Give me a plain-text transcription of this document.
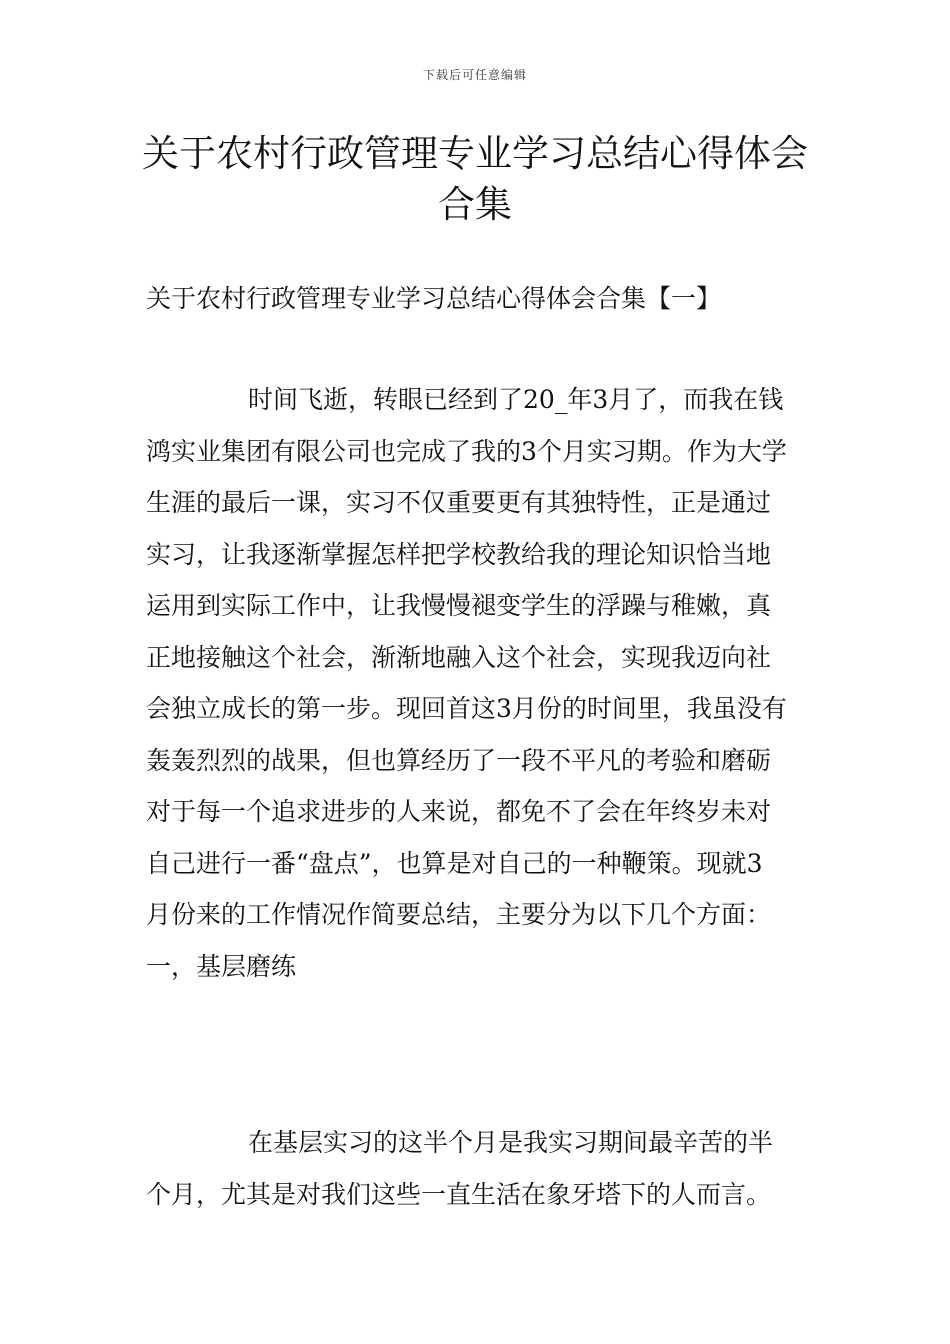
下载后可任意编辑
关于农村行政管理专业学习总结心得体会
合集
关于农村行政管理专业学习总结心得体会合集【一】
时间飞逝，转眼已经到了20_年3月了，而我在钱
鸿实业集团有限公司也完成了我的3个月实习期。作为大学
生涯的最后一课，实习不仅重要更有其独特性，正是通过
实习，让我逐渐掌握怎样把学校教给我的理论知识恰当地
运用到实际工作中，让我慢慢褪变学生的浮躁与稚嫩，真
正地接触这个社会，渐渐地融入这个社会，实现我迈向社
会独立成长的第一步。现回首这3月份的时间里，我虽没有
轰轰烈烈的战果，但也算经历了一段不平凡的考验和磨砺
对于每一个追求进步的人来说，都免不了会在年终岁未对
自己进行一番“盘点”，也算是对自己的一种鞭策。现就3
月份来的工作情况作简要总结，主要分为以下几个方面：
一，基层磨练
在基层实习的这半个月是我实习期间最辛苦的半
个月，尤其是对我们这些一直生活在象牙塔下的人而言。
